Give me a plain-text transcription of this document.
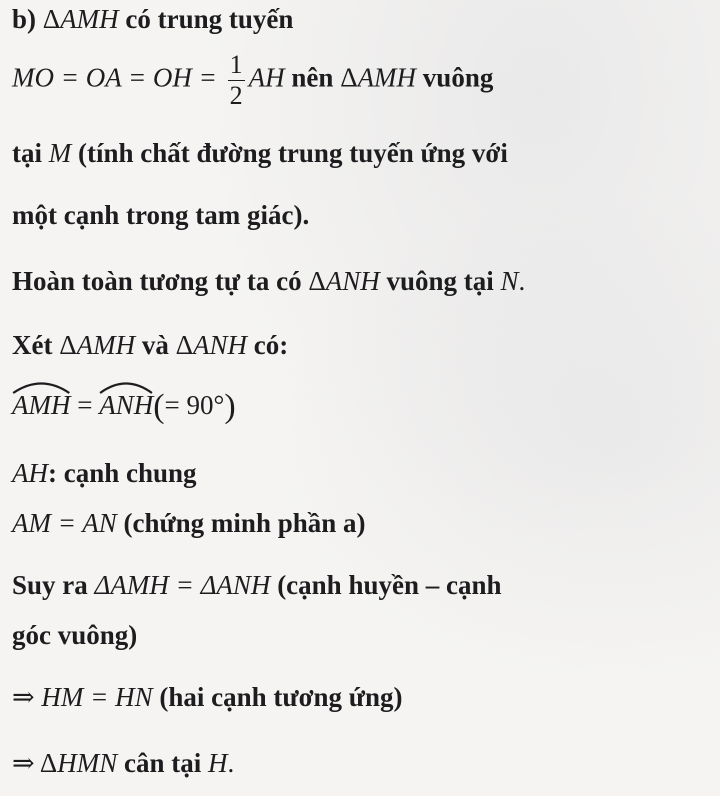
b) ΔAMH có trung tuyến
MO = OA = OH = $\frac{1}{2}$ AH nên ΔAMH vuông
tại M (tính chất đường trung tuyến ứng với
một cạnh trong tam giác).
Hoàn toàn tương tự ta có ΔANH vuông tại N.
Xét ΔAMH và ΔANH có:
AMH =
ANH(= 90°)
AH: cạnh chung
AM = AN (chứng minh phần a)
Suy ra ΔAMH = ΔANH (cạnh huyền – cạnh
góc vuông)
⇒ HM = HN (hai cạnh tương ứng)
⇒ ΔHMN cân tại H.
